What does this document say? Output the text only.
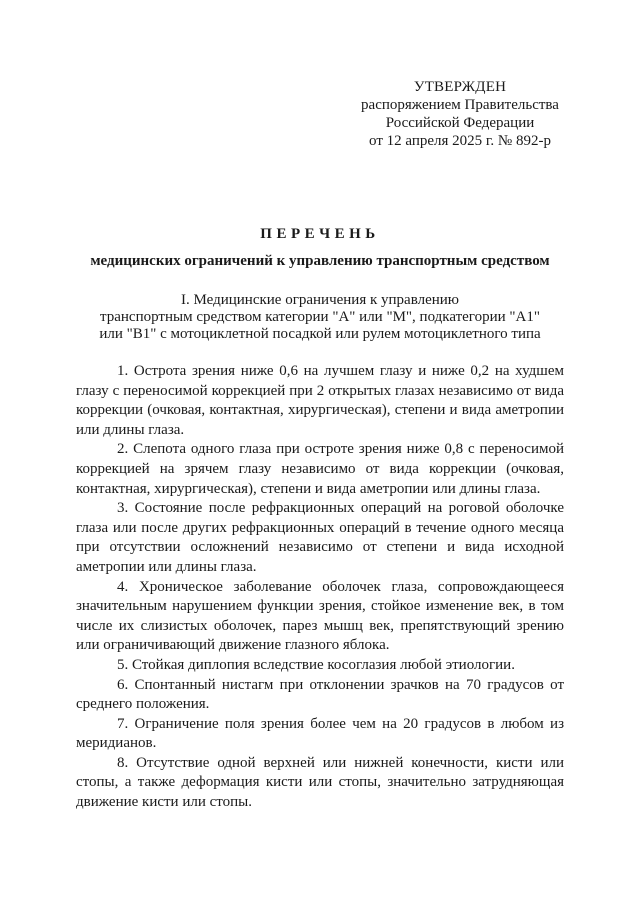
УТВЕРЖДЕН
распоряжением Правительства
Российской Федерации
от 12 апреля 2025 г. № 892-р
ПЕРЕЧЕНЬ
медицинских ограничений к управлению транспортным средством
I. Медицинские ограничения к управлению
транспортным средством категории "A" или "M", подкатегории "A1"
или "B1" с мотоциклетной посадкой или рулем мотоциклетного типа

1. Острота зрения ниже 0,6 на лучшем глазу и ниже 0,2 на худшем глазу с переносимой коррекцией при 2 открытых глазах независимо от вида коррекции (очковая, контактная, хирургическая), степени и вида аметропии или длины глаза.

2. Слепота одного глаза при остроте зрения ниже 0,8 с переносимой коррекцией на зрячем глазу независимо от вида коррекции (очковая, контактная, хирургическая), степени и вида аметропии или длины глаза.

3. Состояние после рефракционных операций на роговой оболочке глаза или после других рефракционных операций в течение одного месяца при отсутствии осложнений независимо от степени и вида исходной аметропии или длины глаза.

4. Хроническое заболевание оболочек глаза, сопровождающееся значительным нарушением функции зрения, стойкое изменение век, в том числе их слизистых оболочек, парез мышц век, препятствующий зрению или ограничивающий движение глазного яблока.

5. Стойкая диплопия вследствие косоглазия любой этиологии.

6. Спонтанный нистагм при отклонении зрачков на 70 градусов от среднего положения.

7. Ограничение поля зрения более чем на 20 градусов в любом из меридианов.

8. Отсутствие одной верхней или нижней конечности, кисти или стопы, а также деформация кисти или стопы, значительно затрудняющая движение кисти или стопы.
